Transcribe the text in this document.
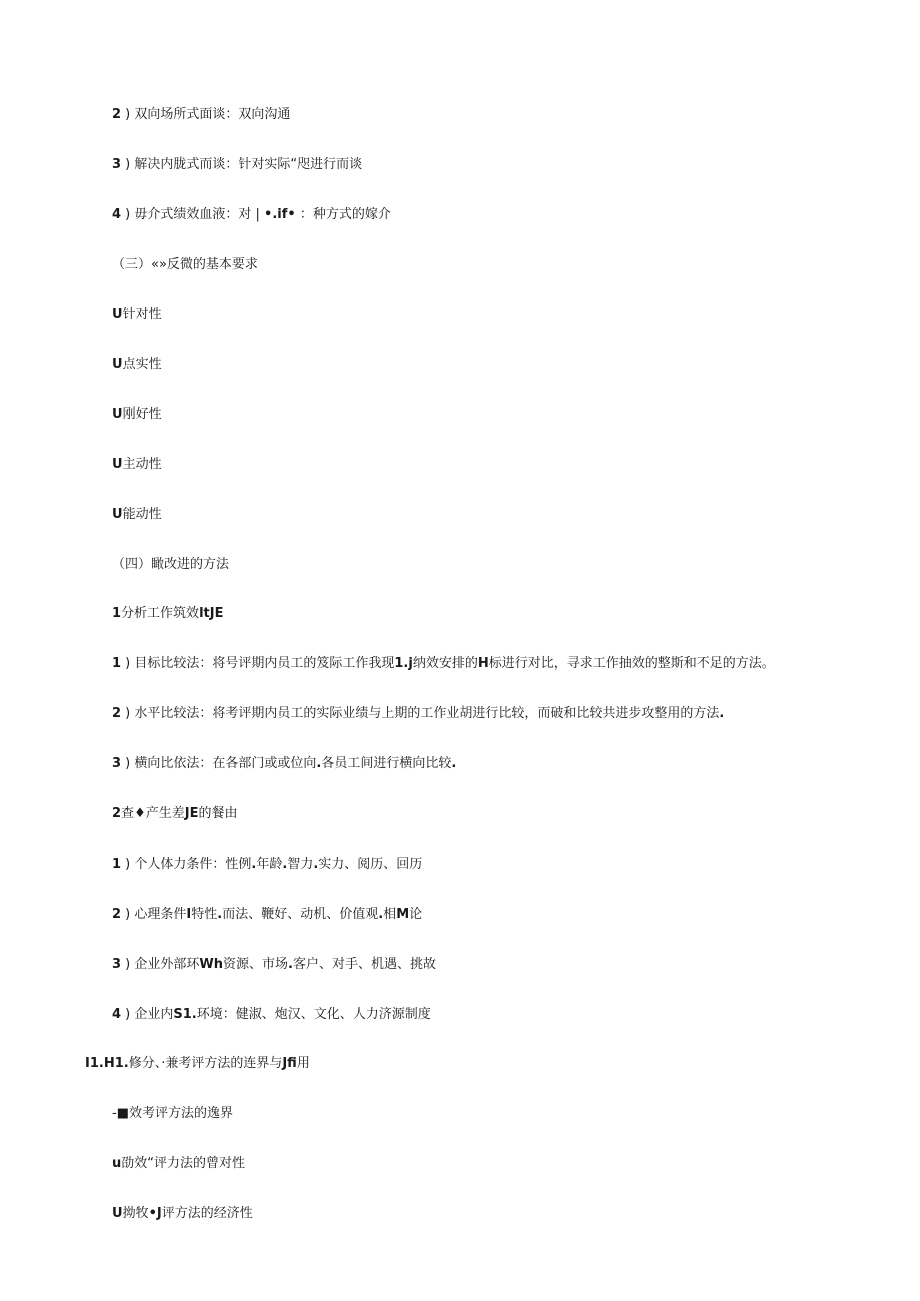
2 ) 双向场所式面谈：双向沟通

3 ) 解决内胧式而谈：针对实际“咫进行而谈

4 ) 毋介式绩效血液：对 | •.if• ：种方式的嫁介

（三）«»反微的基本要求

U针对性

U点实性

U刚好性

U主动性

U能动性

（四）瞰改进的方法

1分析工作筑效ltJE

1 ) 目标比较法：将号评期内员工的笈际工作我现1.j纳效安排的H标进行对比，寻求工作抽效的整斯和不足的方法。

2 ) 水平比较法：将考评期内员工的实际业绩与上期的工作业胡进行比较，而破和比较共进步攻整用的方法.

3 ) 横向比依法：在各部门或或位向.各员工间进行横向比较.

2查♦产生差JE的餐由

1 ) 个人体力条件：性例.年龄.智力.实力、阅历、回历

2 ) 心理条件I特性.而法、鞭好、动机、价值观.相M论

3 ) 企业外部环Wh资源、市场.客户、对手、机遇、挑故

4 ) 企业内S1.环境：健淑、炮汉、文化、人力济源制度

I1.H1.修分、·兼考评方法的连界与Jfi用

-■效考评方法的逸界

u劭效“评力法的曾对性

U拗牧•J评方法的经济性
